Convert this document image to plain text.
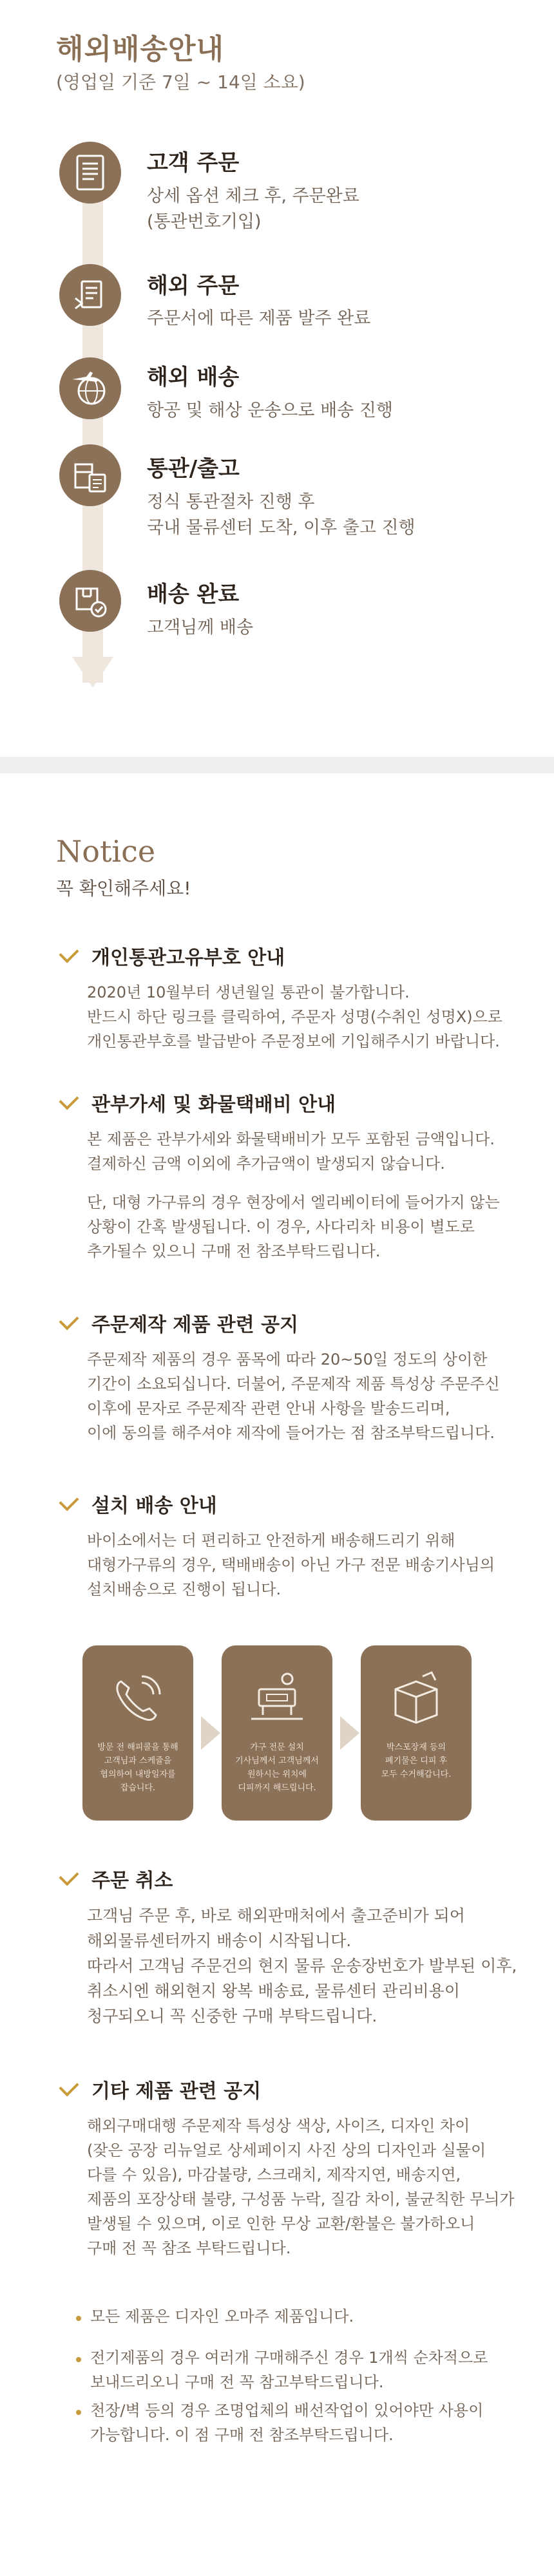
해외배송안내
(영업일 기준 7일 ~ 14일 소요)
고객 주문
상세 옵션 체크 후, 주문완료
(통관번호기입)
해외 주문
주문서에 따른 제품 발주 완료
해외 배송
항공 및 해상 운송으로 배송 진행
통관/출고
정식 통관절차 진행 후
국내 물류센터 도착, 이후 출고 진행
배송 완료
고객님께 배송
Notice
꼭 확인해주세요!
개인통관고유부호 안내
2020년 10월부터 생년월일 통관이 불가합니다.
반드시 하단 링크를 클릭하여, 주문자 성명(수취인 성명X)으로
개인통관부호를 발급받아 주문정보에 기입해주시기 바랍니다.
관부가세 및 화물택배비 안내
본 제품은 관부가세와 화물택배비가 모두 포함된 금액입니다.
결제하신 금액 이외에 추가금액이 발생되지 않습니다.
단, 대형 가구류의 경우 현장에서 엘리베이터에 들어가지 않는
상황이 간혹 발생됩니다. 이 경우, 사다리차 비용이 별도로
추가될수 있으니 구매 전 참조부탁드립니다.
주문제작 제품 관련 공지
주문제작 제품의 경우 품목에 따라 20~50일 정도의 상이한
기간이 소요되십니다. 더불어, 주문제작 제품 특성상 주문주신
이후에 문자로 주문제작 관련 안내 사항을 발송드리며,
이에 동의를 해주셔야 제작에 들어가는 점 참조부탁드립니다.
설치 배송 안내
바이소에서는 더 편리하고 안전하게 배송해드리기 위해
대형가구류의 경우, 택배배송이 아닌 가구 전문 배송기사님의
설치배송으로 진행이 됩니다.
방문 전 해피콜을 통해
고객님과 스케쥴을
협의하여 내방일자를
잡습니다.
가구 전문 설치
기사님께서 고객님께서
원하시는 위치에
디피까지 해드립니다.
박스포장재 등의
폐기물은 디피 후
모두 수거해갑니다.
주문 취소
고객님 주문 후, 바로 해외판매처에서 출고준비가 되어
해외물류센터까지 배송이 시작됩니다.
따라서 고객님 주문건의 현지 물류 운송장번호가 발부된 이후,
취소시엔 해외현지 왕복 배송료, 물류센터 관리비용이
청구되오니 꼭 신중한 구매 부탁드립니다.
기타 제품 관련 공지
해외구매대행 주문제작 특성상 색상, 사이즈, 디자인 차이
(잦은 공장 리뉴얼로 상세페이지 사진 상의 디자인과 실물이
다를 수 있음), 마감불량, 스크래치, 제작지연, 배송지연,
제품의 포장상태 불량, 구성품 누락, 질감 차이, 불균칙한 무늬가
발생될 수 있으며, 이로 인한 무상 교환/환불은 불가하오니
구매 전 꼭 참조 부탁드립니다.
모든 제품은 디자인 오마주 제품입니다.
전기제품의 경우 여러개 구매해주신 경우 1개씩 순차적으로
보내드리오니 구매 전 꼭 참고부탁드립니다.
천장/벽 등의 경우 조명업체의 배선작업이 있어야만 사용이
가능합니다. 이 점 구매 전 참조부탁드립니다.
